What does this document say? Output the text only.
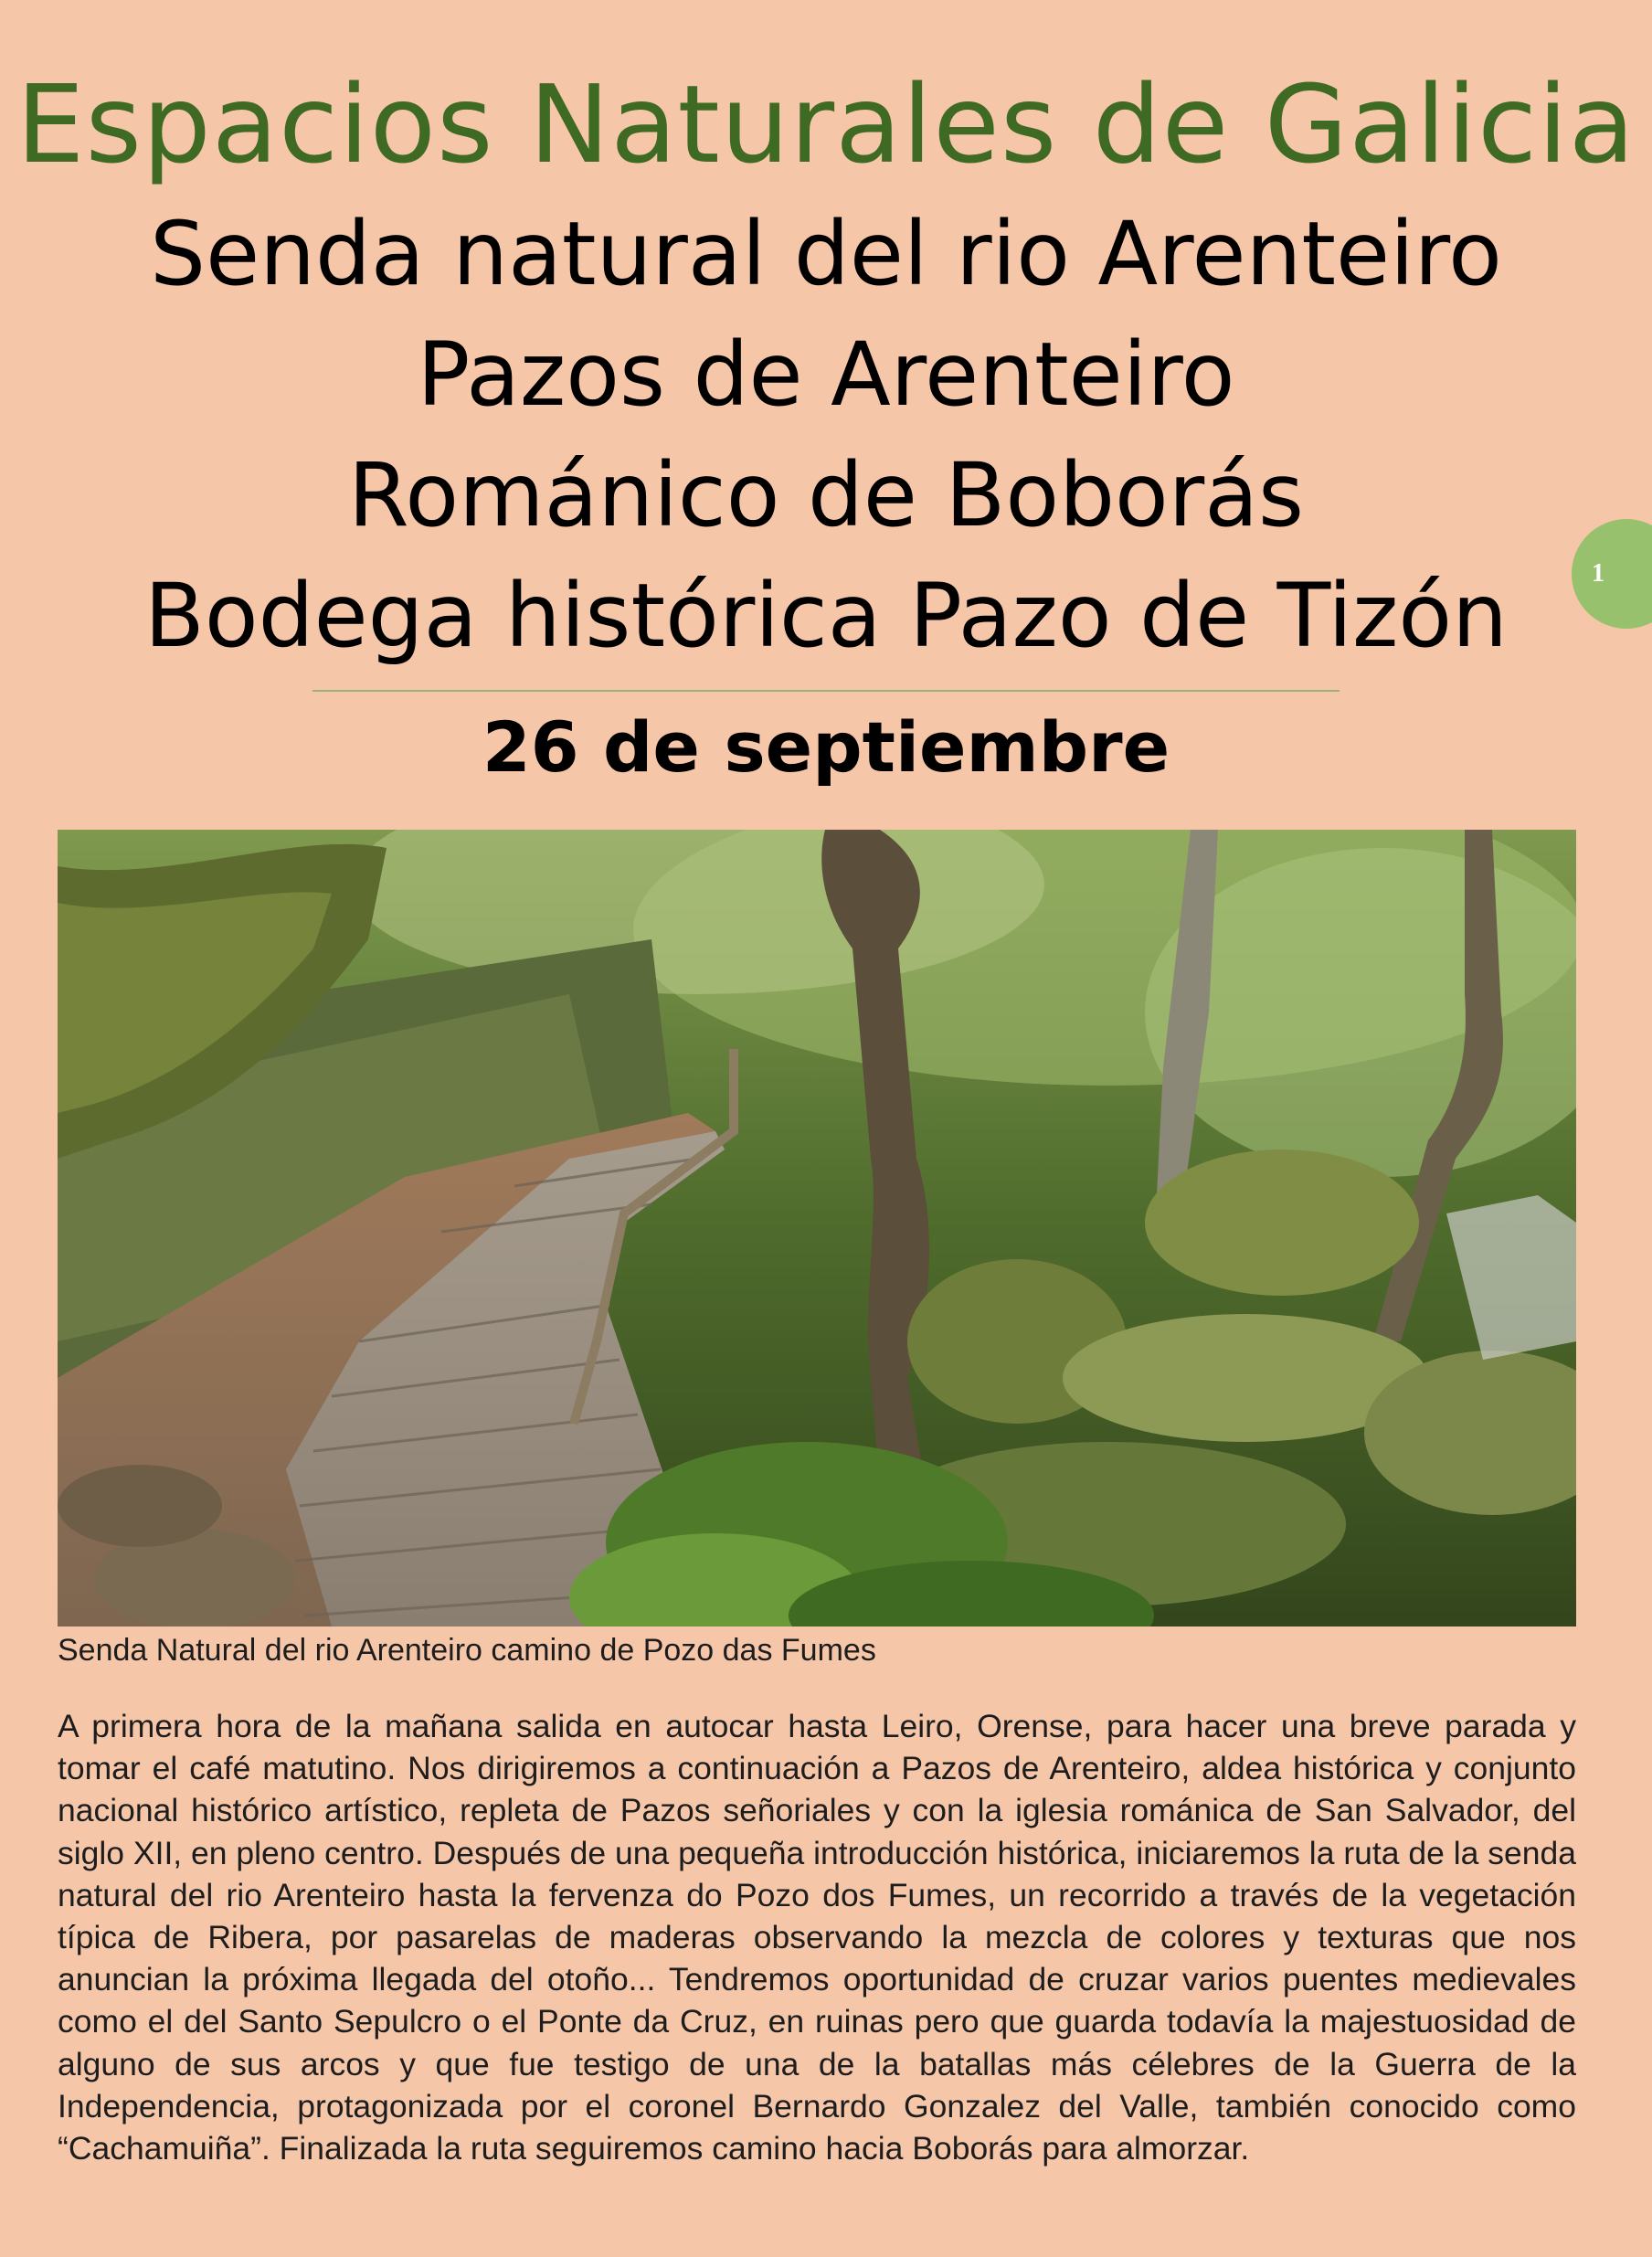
Espacios Naturales de Galicia
Senda natural del rio Arenteiro
Pazos de Arenteiro
Románico de Boborás
Bodega histórica Pazo de Tizón	1
26 de septiembre
Senda Natural del rio Arenteiro camino de Pozo das Fumes

A primera hora de la mañana salida en autocar hasta Leiro, Orense, para hacer una breve parada y tomar el café matutino. Nos dirigiremos a continuación a Pazos de Arenteiro, aldea histórica y conjunto nacional histórico artístico, repleta de Pazos señoriales y con la iglesia románica de San Salvador, del siglo XII, en pleno centro. Después de una pequeña introducción histórica, iniciaremos la ruta de la senda natural del rio Arenteiro hasta la fervenza do Pozo dos Fumes, un recorrido a través de la vegetación típica de Ribera, por pasarelas de maderas observando la mezcla de colores y texturas que nos anuncian la próxima llegada del otoño... Tendremos oportunidad de cruzar varios puentes medievales como el del Santo Sepulcro o el Ponte da Cruz, en ruinas pero que guarda todavía la majestuosidad de alguno de sus arcos y que fue testigo de una de la batallas más célebres de la Guerra de la Independencia, protagonizada por el coronel Bernardo Gonzalez del Valle, también conocido como “Cachamuiña”. Finalizada la ruta seguiremos camino hacia Boborás para almorzar.
